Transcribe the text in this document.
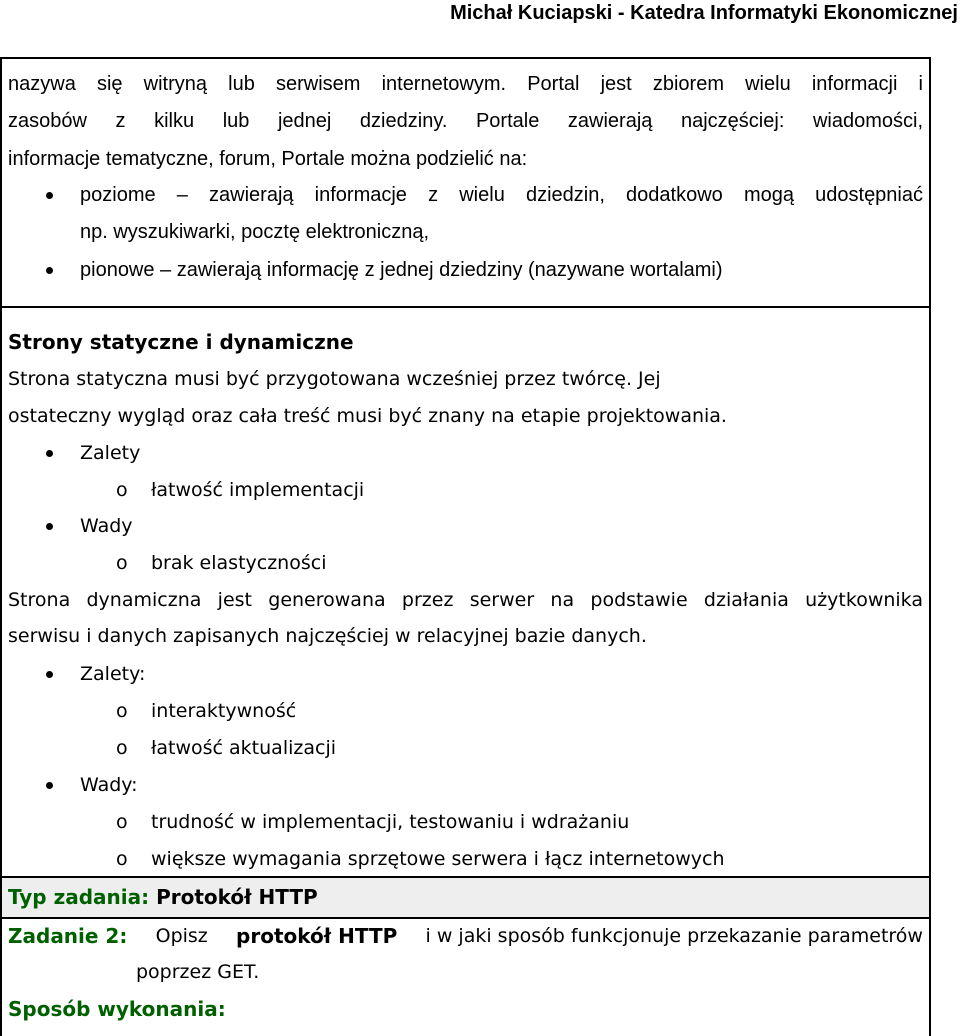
Michał Kuciapski - Katedra Informatyki Ekonomicznej
nazywa się witryną lub serwisem internetowym. Portal jest zbiorem wielu informacji i
zasobów z kilku lub jednej dziedziny. Portale zawierają najczęściej: wiadomości,
informacje tematyczne, forum, Portale można podzielić na:
poziome – zawierają informacje z wielu dziedzin, dodatkowo mogą udostępniać
np. wyszukiwarki, pocztę elektroniczną,
pionowe – zawierają informację z jednej dziedziny (nazywane wortalami)
Strony statyczne i dynamiczne
Strona statyczna musi być przygotowana wcześniej przez twórcę. Jej
ostateczny wygląd oraz cała treść musi być znany na etapie projektowania.
Zalety
o łatwość implementacji
Wady
o brak elastyczności
Strona dynamiczna jest generowana przez serwer na podstawie działania użytkownika
serwisu i danych zapisanych najczęściej w relacyjnej bazie danych.
Zalety:
o interaktywność
o łatwość aktualizacji
Wady:
o trudność w implementacji, testowaniu i wdrażaniu
o większe wymagania sprzętowe serwera i łącz internetowych
Typ zadania: Protokół HTTP
Zadanie 2: Opisz protokół HTTP i w jaki sposób funkcjonuje przekazanie parametrów
poprzez GET.
Sposób wykonania:
